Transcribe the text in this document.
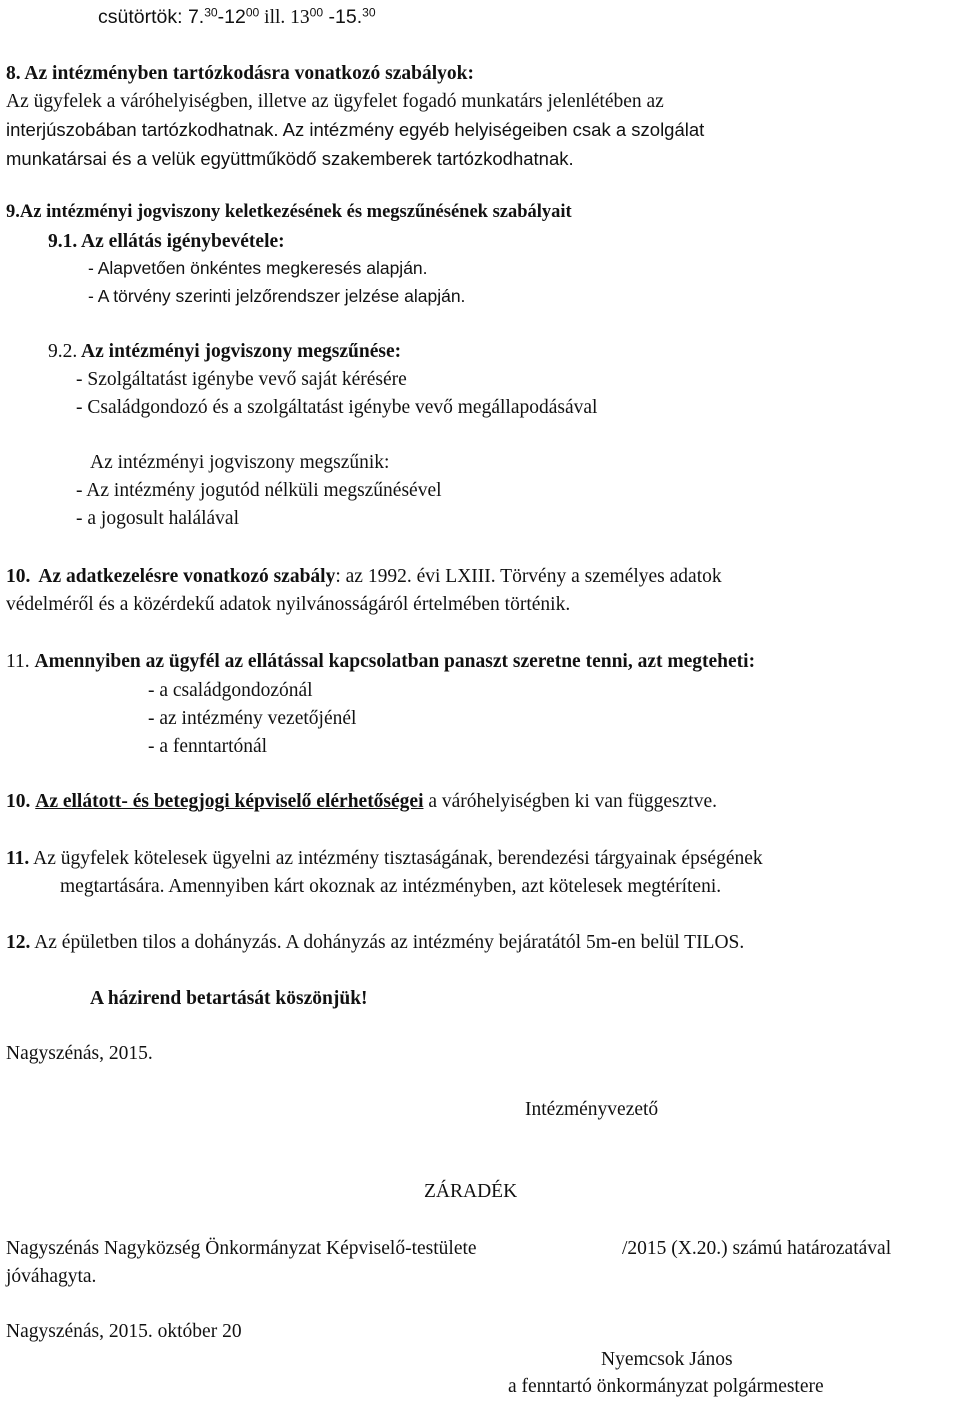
csütörtök: $7.30-12^{00}$ ill. $13^{00}$ -15.30
8. Az intézményben tartózkodásra vonatkozó szabályok:
Az ügyfelek a váróhelyiségben, illetve az ügyfelet fogadó munkatárs jelenlétében az
interjúszobában tartózkodhatnak. Az intézmény egyéb helyiségeiben csak a szolgálat
munkatársai és a velük együttműködő szakemberek tartózkodhatnak.
9.Az intézményi jogviszony keletkezésének és megszűnésének szabályait
9.1. Az ellátás igénybevétele:
- Alapvetően önkéntes megkeresés alapján.
- A törvény szerinti jelzőrendszer jelzése alapján.
9.2. Az intézményi jogviszony megszűnése:
- Szolgáltatást igénybe vevő saját kérésére
- Családgondozó és a szolgáltatást igénybe vevő megállapodásával
Az intézményi jogviszony megszűnik:
- Az intézmény jogutód nélküli megszűnésével
- a jogosult halálával
10. Az adatkezelésre vonatkozó szabály: az 1992. évi LXIII. Törvény a személyes adatok
védelméről és a közérdekű adatok nyilvánosságáról értelmében történik.
11. Amennyiben az ügyfél az ellátással kapcsolatban panaszt szeretne tenni, azt megteheti:
- a családgondozónál
- az intézmény vezetőjénél
- a fenntartónál
10. Az ellátott- és betegjogi képviselő elérhetőségei a váróhelyiségben ki van függesztve.
11. Az ügyfelek kötelesek ügyelni az intézmény tisztaságának, berendezési tárgyainak épségének
megtartására. Amennyiben kárt okoznak az intézményben, azt kötelesek megtéríteni.
12. Az épületben tilos a dohányzás. A dohányzás az intézmény bejáratától 5m-en belül TILOS.
A házirend betartását köszönjük!
Nagyszénás, 2015.
Intézményvezető
ZÁRADÉK
Nagyszénás Nagyközség Önkormányzat Képviselő-testülete	/2015 (X.20.) számú határozatával
jóváhagyta.
Nagyszénás, 2015. október 20
Nyemcsok János
a fenntartó önkormányzat polgármestere
